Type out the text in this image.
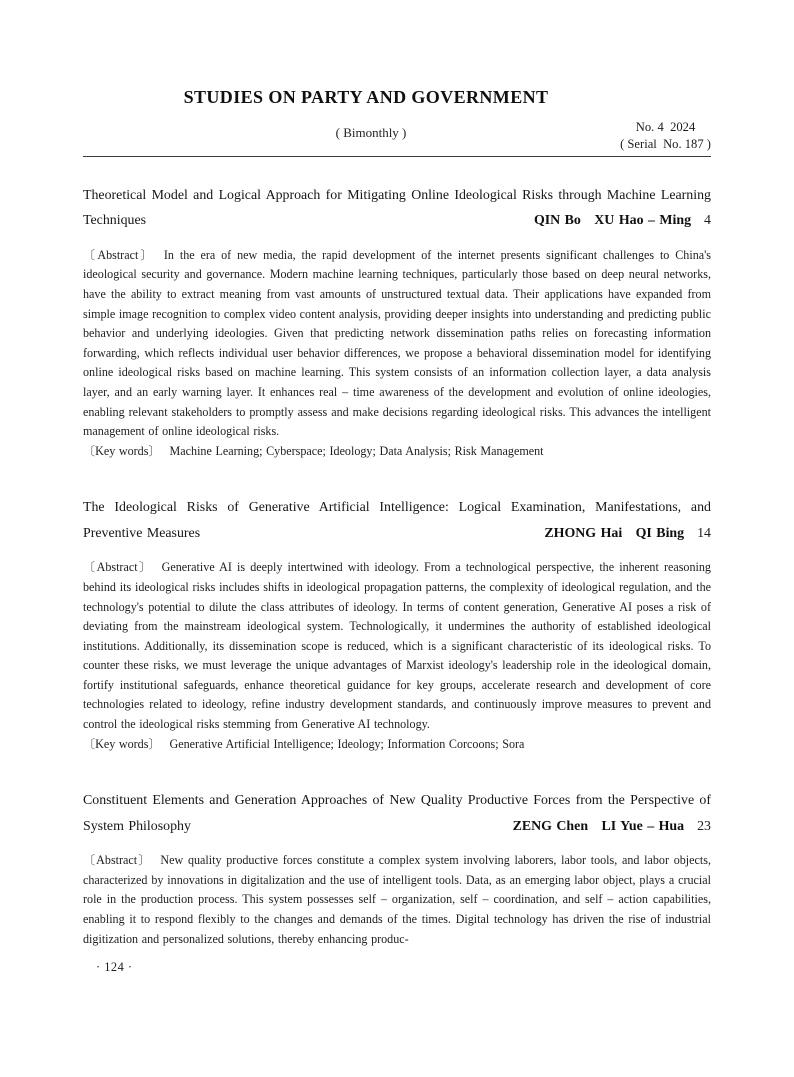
STUDIES ON PARTY AND GOVERNMENT
( Bimonthly )	No. 4  2024
( Serial  No. 187 )
Theoretical Model and Logical Approach for Mitigating Online Ideological Risks through Machine Learning Techniques	QIN Bo   XU Hao – Ming 4

〔Abstract〕 In the era of new media, the rapid development of the internet presents significant challenges to China's ideological security and governance. Modern machine learning techniques, particularly those based on deep neural networks, have the ability to extract meaning from vast amounts of unstructured textual data. Their applications have expanded from simple image recognition to complex video content analysis, providing deeper insights into understanding and predicting public behavior and underlying ideologies. Given that predicting network dissemination paths relies on forecasting information forwarding, which reflects individual user behavior differences, we propose a behavioral dissemination model for identifying online ideological risks based on machine learning. This system consists of an information collection layer, a data analysis layer, and an early warning layer. It enhances real – time awareness of the development and evolution of online ideologies, enabling relevant stakeholders to promptly assess and make decisions regarding ideological risks. This advances the intelligent management of online ideological risks.

〔Key words〕 Machine Learning; Cyberspace; Ideology; Data Analysis; Risk Management

The Ideological Risks of Generative Artificial Intelligence: Logical Examination, Manifestations, and Preventive Measures	ZHONG Hai   QI Bing 14

〔Abstract〕 Generative AI is deeply intertwined with ideology. From a technological perspective, the inherent reasoning behind its ideological risks includes shifts in ideological propagation patterns, the complexity of ideological regulation, and the technology's potential to dilute the class attributes of ideology. In terms of content generation, Generative AI poses a risk of deviating from the mainstream ideological system. Technologically, it undermines the authority of established ideological institutions. Additionally, its dissemination scope is reduced, which is a significant characteristic of its ideological risks. To counter these risks, we must leverage the unique advantages of Marxist ideology's leadership role in the ideological domain, fortify institutional safeguards, enhance theoretical guidance for key groups, accelerate research and development of core technologies related to ideology, refine industry development standards, and continuously improve measures to prevent and control the ideological risks stemming from Generative AI technology.

〔Key words〕 Generative Artificial Intelligence; Ideology; Information Corcoons; Sora

Constituent Elements and Generation Approaches of New Quality Productive Forces from the Perspective of System Philosophy	ZENG Chen   LI Yue – Hua 23

〔Abstract〕 New quality productive forces constitute a complex system involving laborers, labor tools, and labor objects, characterized by innovations in digitalization and the use of intelligent tools. Data, as an emerging labor object, plays a crucial role in the production process. This system possesses self – organization, self – coordination, and self – action capabilities, enabling it to respond flexibly to the changes and demands of the times. Digital technology has driven the rise of industrial digitization and personalized solutions, thereby enhancing produc-

· 124 ·
